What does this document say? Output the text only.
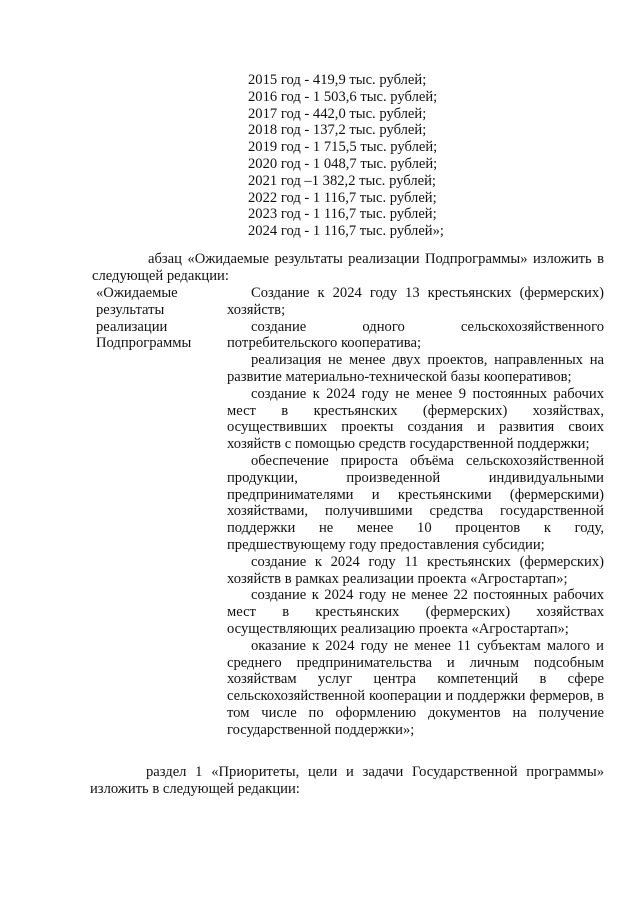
2015 год - 419,9 тыс. рублей;
2016 год - 1 503,6 тыс. рублей;
2017 год - 442,0 тыс. рублей;
2018 год - 137,2 тыс. рублей;
2019 год - 1 715,5 тыс. рублей;
2020 год - 1 048,7 тыс. рублей;
2021 год –1 382,2 тыс. рублей;
2022 год - 1 116,7 тыс. рублей;
2023 год - 1 116,7 тыс. рублей;
2024 год - 1 116,7 тыс. рублей»;
абзац «Ожидаемые результаты реализации Подпрограммы» изложить в
следующей редакции:
«Ожидаемые
результаты
реализации
Подпрограммы

Создание к 2024 году 13 крестьянских (фермерских) хозяйств;

создание одного сельскохозяйственного потребительского кооператива;

реализация не менее двух проектов, направленных на развитие материально-технической базы кооперативов;

создание к 2024 году не менее 9 постоянных рабочих мест в крестьянских (фермерских) хозяйствах, осуществивших проекты создания и развития своих хозяйств с помощью средств государственной поддержки;

обеспечение прироста объёма сельскохозяйственной продукции, произведенной индивидуальными предпринимателями и крестьянскими (фермерскими) хозяйствами, получившими средства государственной поддержки не менее 10 процентов к году, предшествующему году предоставления субсидии;

создание к 2024 году 11 крестьянских (фермерских) хозяйств в рамках реализации проекта «Агростартап»;

создание к 2024 году не менее 22 постоянных рабочих мест в крестьянских (фермерских) хозяйствах осуществляющих реализацию проекта «Агростартап»;

оказание к 2024 году не менее 11 субъектам малого и среднего предпринимательства и личным подсобным хозяйствам услуг центра компетенций в сфере сельскохозяйственной кооперации и поддержки фермеров, в том числе по оформлению документов на получение государственной поддержки»;

раздел 1 «Приоритеты, цели и задачи Государственной программы»
изложить в следующей редакции:
